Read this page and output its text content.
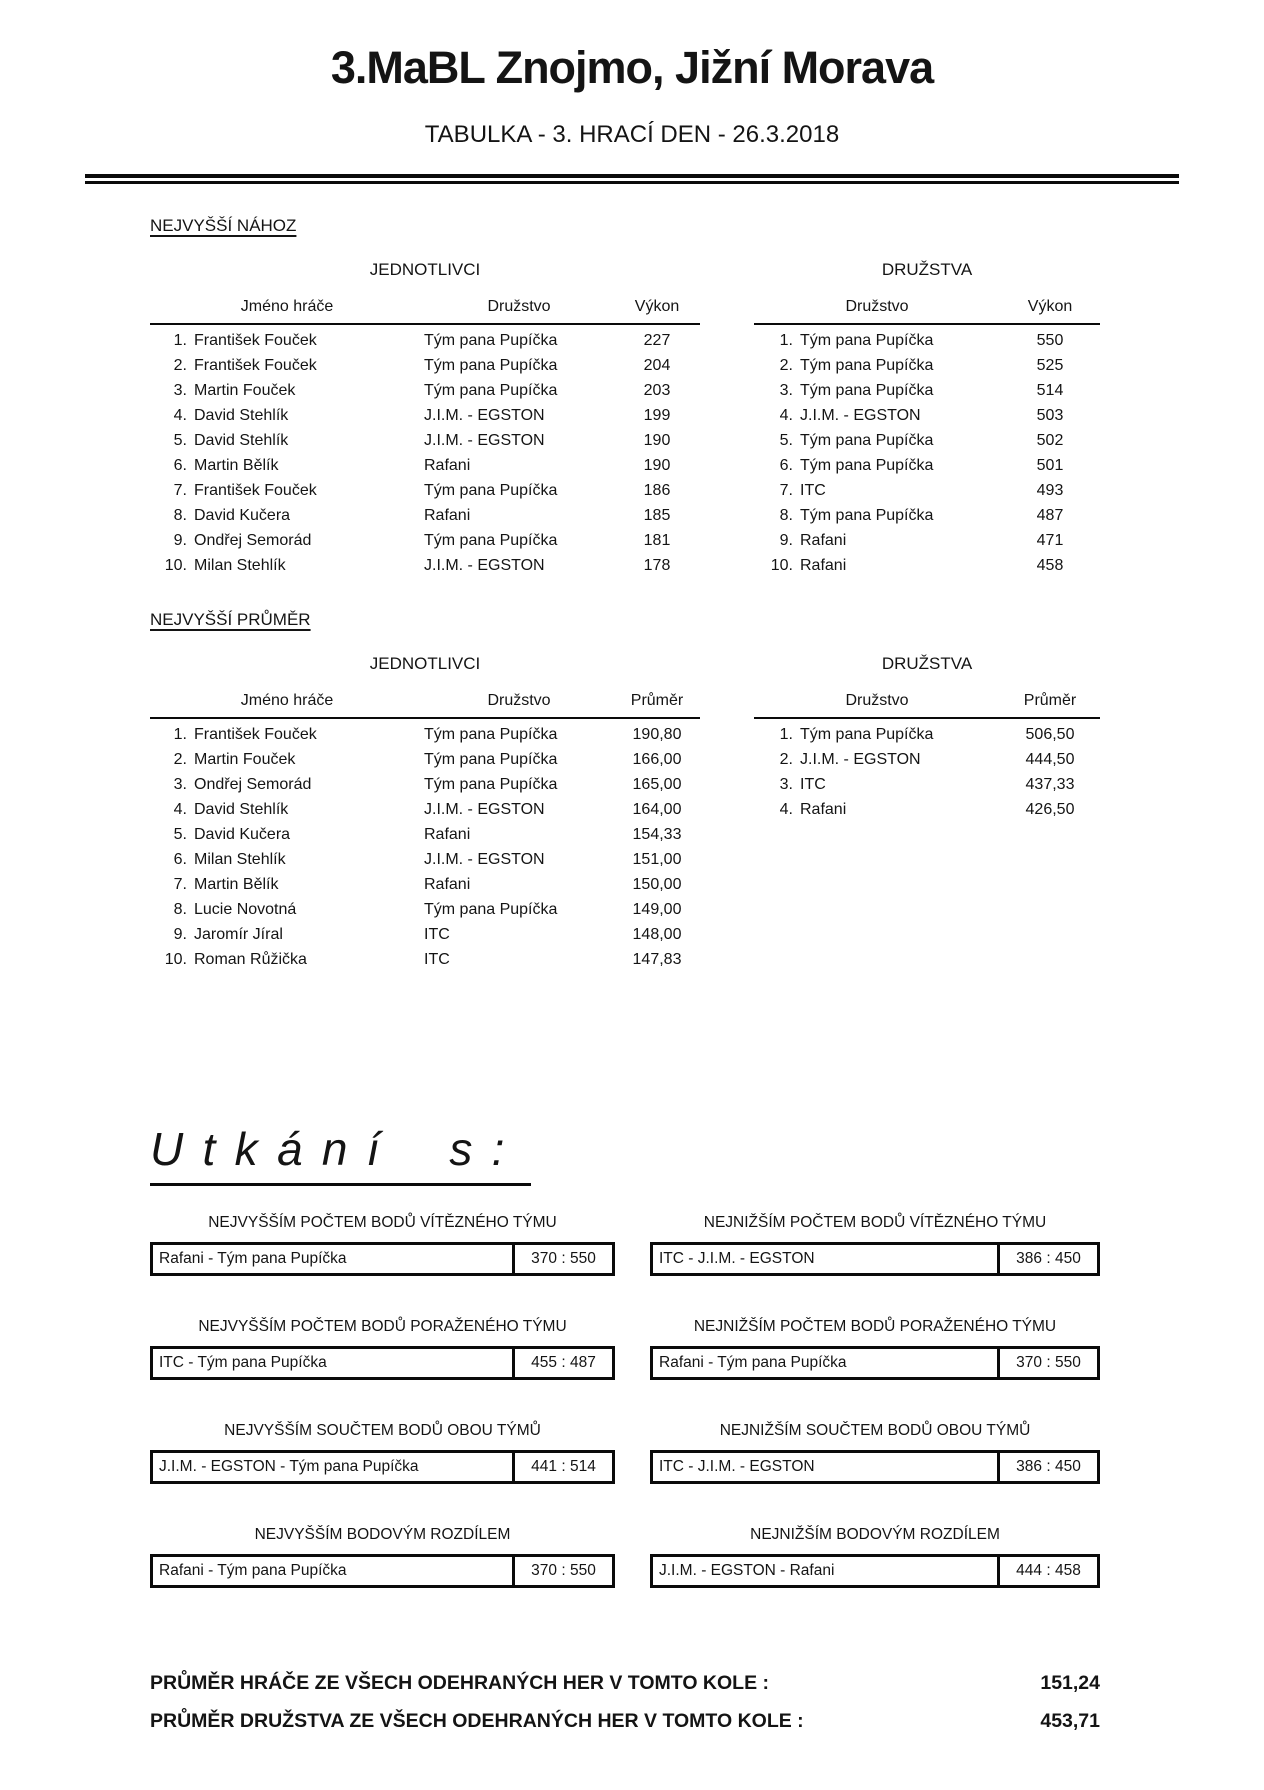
3.MaBL Znojmo, Jižní Morava
TABULKA - 3. HRACÍ DEN - 26.3.2018
NEJVYŠŠÍ NÁHOZ
JEDNOTLIVCI
Jméno hráče	Družstvo	Výkon
1. František Fouček	Tým pana Pupíčka	227
2. František Fouček	Tým pana Pupíčka	204
3. Martin Fouček	Tým pana Pupíčka	203
4. David Stehlík	J.I.M. - EGSTON	199
5. David Stehlík	J.I.M. - EGSTON	190
6. Martin Bělík	Rafani	190
7. František Fouček	Tým pana Pupíčka	186
8. David Kučera	Rafani	185
9. Ondřej Semorád	Tým pana Pupíčka	181
10. Milan Stehlík	J.I.M. - EGSTON	178
DRUŽSTVA
Družstvo	Výkon
1. Tým pana Pupíčka	550
2. Tým pana Pupíčka	525
3. Tým pana Pupíčka	514
4. J.I.M. - EGSTON	503
5. Tým pana Pupíčka	502
6. Tým pana Pupíčka	501
7. ITC	493
8. Tým pana Pupíčka	487
9. Rafani	471
10. Rafani	458
NEJVYŠŠÍ PRŮMĚR
JEDNOTLIVCI
Jméno hráče	Družstvo	Průměr
1. František Fouček	Tým pana Pupíčka	190,80
2. Martin Fouček	Tým pana Pupíčka	166,00
3. Ondřej Semorád	Tým pana Pupíčka	165,00
4. David Stehlík	J.I.M. - EGSTON	164,00
5. David Kučera	Rafani	154,33
6. Milan Stehlík	J.I.M. - EGSTON	151,00
7. Martin Bělík	Rafani	150,00
8. Lucie Novotná	Tým pana Pupíčka	149,00
9. Jaromír Jíral	ITC	148,00
10. Roman Růžička	ITC	147,83
DRUŽSTVA
Družstvo	Průměr
1. Tým pana Pupíčka	506,50
2. J.I.M. - EGSTON	444,50
3. ITC	437,33
4. Rafani	426,50
Utkání s:
NEJVYŠŠÍM POČTEM BODŮ VÍTĚZNÉHO TÝMU
Rafani - Tým pana Pupíčka	370 : 550
NEJNIŽŠÍM POČTEM BODŮ VÍTĚZNÉHO TÝMU
ITC - J.I.M. - EGSTON	386 : 450
NEJVYŠŠÍM POČTEM BODŮ PORAŽENÉHO TÝMU
ITC - Tým pana Pupíčka	455 : 487
NEJNIŽŠÍM POČTEM BODŮ PORAŽENÉHO TÝMU
Rafani - Tým pana Pupíčka	370 : 550
NEJVYŠŠÍM SOUČTEM BODŮ OBOU TÝMŮ
J.I.M. - EGSTON - Tým pana Pupíčka	441 : 514
NEJNIŽŠÍM SOUČTEM BODŮ OBOU TÝMŮ
ITC - J.I.M. - EGSTON	386 : 450
NEJVYŠŠÍM BODOVÝM ROZDÍLEM
Rafani - Tým pana Pupíčka	370 : 550
NEJNIŽŠÍM BODOVÝM ROZDÍLEM
J.I.M. - EGSTON - Rafani	444 : 458
PRŮMĚR HRÁČE ZE VŠECH ODEHRANÝCH HER V TOMTO KOLE :	151,24
PRŮMĚR DRUŽSTVA ZE VŠECH ODEHRANÝCH HER V TOMTO KOLE :	453,71
